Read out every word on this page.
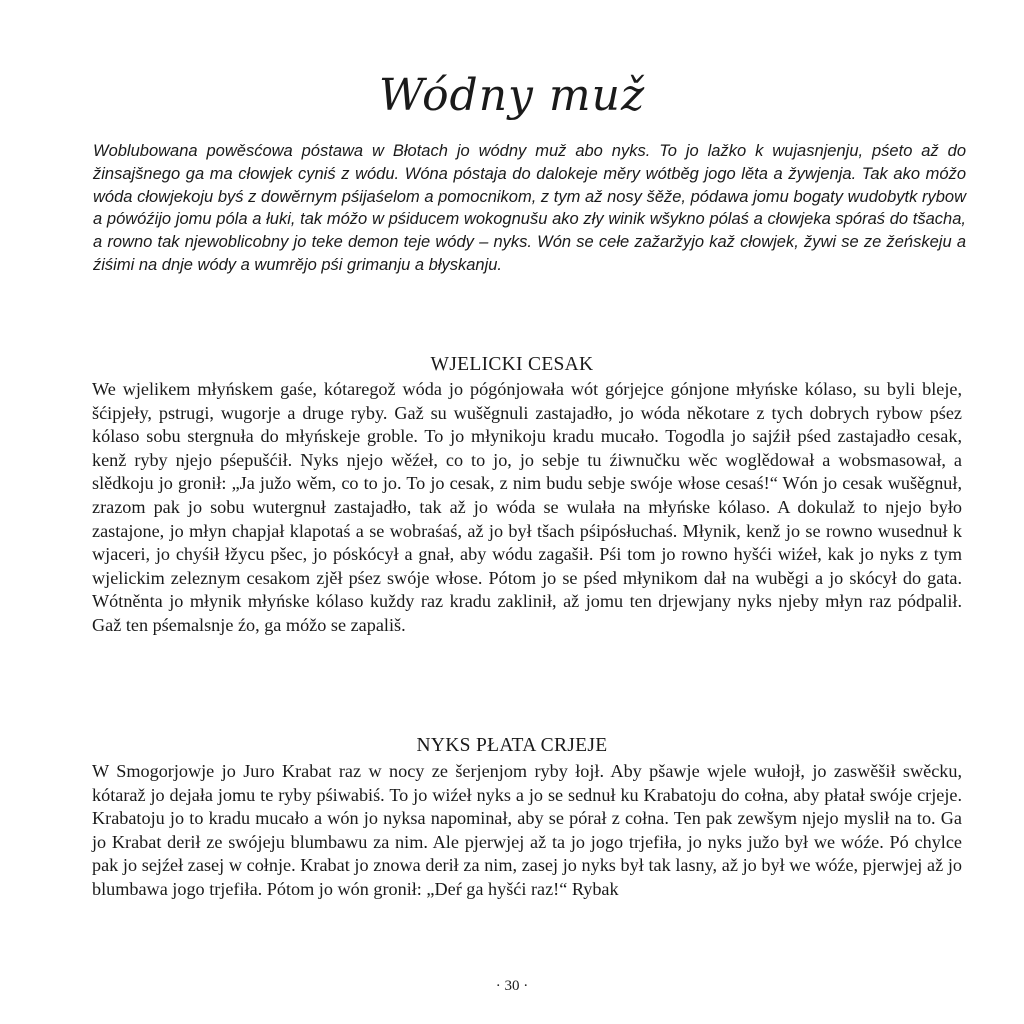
Wódny muž

Woblubowana powěsćowa póstawa w Błotach jo wódny muž abo nyks. To jo lažko k wujasnjenju, pśeto až do žinsajšnego ga ma cłowjek cyniś z wódu. Wóna póstaja do dalokeje měry wótběg jogo lěta a žywjenja. Tak ako móžo wóda cłowjekoju byś z dowěrnym pśijaśelom a pomocnikom, z tym až nosy šěže, pódawa jomu bogaty wudobytk rybow a pówóźijo jomu póla a łuki, tak móžo w pśiducem wokognušu ako zły winik wšykno pólaś a cłowjeka spóraś do tšacha, a rowno tak njewoblicobny jo teke demon teje wódy – nyks. Wón se cełe zažaržyjo kaž cłowjek, žywi se ze žeńskeju a źiśimi na dnje wódy a wumrějo pśi grimanju a błyskanju.

WJELICKI CESAK

We wjelikem młyńskem gaśe, kótaregož wóda jo pógónjowała wót górjejce gónjone młyńske kólaso, su byli bleje, šćipjeły, pstrugi, wugorje a druge ryby. Gaž su wušěgnuli zastajadło, jo wóda někotare z tych dobrych rybow pśez kólaso sobu stergnuła do młyńskeje groble. To jo młynikoju kradu mucało. Togodla jo sajźił pśed zastajadło cesak, kenž ryby njejo pśepušćił. Nyks njejo wěźeł, co to jo, jo sebje tu źiwnučku wěc woglědował a wobsmasował, a slědkoju jo gronił: „Ja južo wěm, co to jo. To jo cesak, z nim budu sebje swóje włose cesaś!“ Wón jo cesak wušěgnuł, zrazom pak jo sobu wutergnuł zastajadło, tak až jo wóda se wulała na młyńske kólaso. A dokulaž to njejo było zastajone, jo młyn chapjał klapotaś a se wobraśaś, až jo był tšach pśipósłuchaś. Młynik, kenž jo se rowno wusednuł k wjaceri, jo chyśił łžycu pšec, jo póskócył a gnał, aby wódu zagašił. Pśi tom jo rowno hyšći wiźeł, kak jo nyks z tym wjelickim zeleznym cesakom zjěł pśez swóje włose. Pótom jo se pśed młynikom dał na wuběgi a jo skócył do gata. Wótněnta jo młynik młyńske kólaso kuždy raz kradu zaklinił, až jomu ten drjewjany nyks njeby młyn raz pódpalił. Gaž ten pśemalsnje źo, ga móžo se zapališ.

NYKS PŁATA CRJEJE

W Smogorjowje jo Juro Krabat raz w nocy ze šerjenjom ryby łojł. Aby pšawje wjele wułojł, jo zaswěšił swěcku, kótaraž jo dejała jomu te ryby pśiwabiś. To jo wiźeł nyks a jo se sednuł ku Krabatoju do cołna, aby płatał swóje crjeje. Krabatoju jo to kradu mucało a wón jo nyksa napominał, aby se pórał z cołna. Ten pak zewšym njejo myslił na to. Ga jo Krabat derił ze swójeju blumbawu za nim. Ale pjerwjej až ta jo jogo trjefiła, jo nyks južo był we wóźe. Pó chylce pak jo sejźeł zasej w cołnje. Krabat jo znowa derił za nim, zasej jo nyks był tak lasny, až jo był we wóźe, pjerwjej až jo blumbawa jogo trjefiła. Pótom jo wón gronił: „Deŕ ga hyšći raz!“ Rybak

· 30 ·
